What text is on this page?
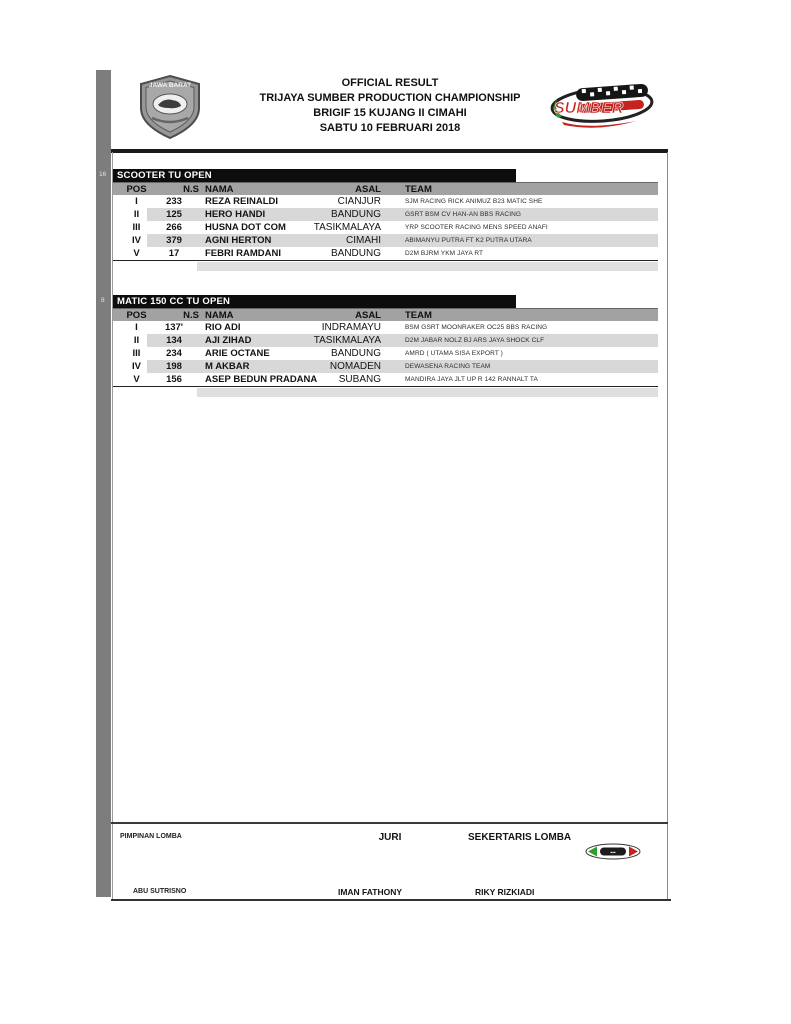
JAWA BARAT	OFFICIAL RESULT
TRIJAYA SUMBER PRODUCTION CHAMPIONSHIP
BRIGIF 15 KUJANG II CIMAHI
SABTU 10 FEBRUARI 2018
SUMBER
16
8
SCOOTER TU OPEN
POS	N.S NAMA	ASAL	TEAM
I	233	REZA REINALDI	CIANJUR	SJM RACING RICK ANIMUZ B23 MATIC SHE
II	125	HERO HANDI	BANDUNG	GSRT BSM CV HAN-AN BBS RACING
III	266	HUSNA DOT COM	TASIKMALAYA	YRP SCOOTER RACING MENS SPEED ANAFI
IV	379	AGNI HERTON	CIMAHI	ABIMANYU PUTRA FT K2 PUTRA UTARA
V	17	FEBRI RAMDANI	BANDUNG	D2M BJRM YKM JAYA RT
MATIC 150 CC TU OPEN
POS	N.S NAMA	ASAL	TEAM
I	137'	RIO ADI	INDRAMAYU	BSM GSRT MOONRAKER OC25 BBS RACING
II	134	AJI ZIHAD	TASIKMALAYA	D2M JABAR NOLZ BJ ARS JAYA SHOCK CLF
III	234	ARIE OCTANE	BANDUNG	AMRD ( UTAMA SISA EXPORT )
IV	198	M AKBAR	NOMADEN	DEWASENA RACING TEAM
V	156	ASEP BEDUN PRADANA	SUBANG	MANDIRA JAYA JLT UP R 142 RANNALT TA
PIMPINAN LOMBA	JURI	SEKERTARIS LOMBA
▪▪▪
ABU SUTRISNO	IMAN FATHONY	RIKY RIZKIADI
